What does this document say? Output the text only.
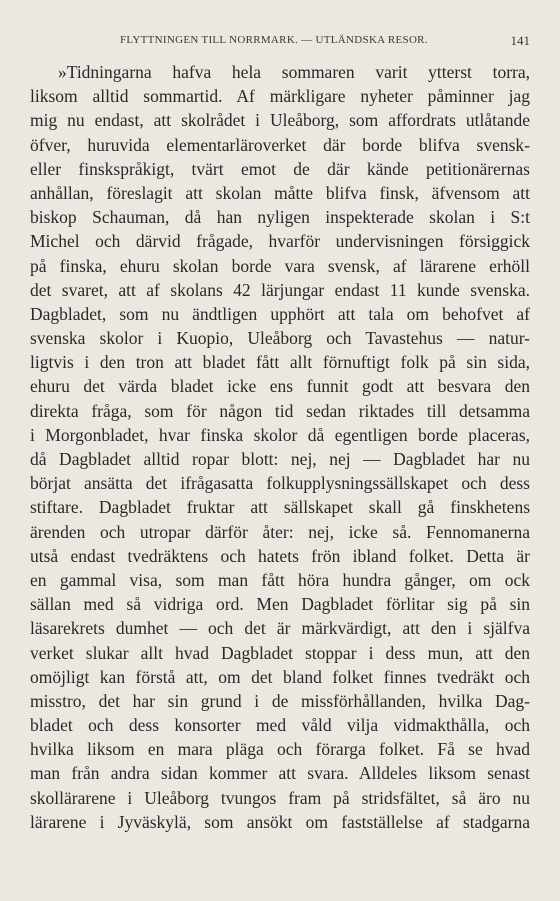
FLYTTNINGEN TILL NORRMARK. — UTLÄNDSKA RESOR.	141
»Tidningarna hafva hela sommaren varit ytterst torra,
liksom alltid sommartid. Af märkligare nyheter påminner jag
mig nu endast, att skolrådet i Uleåborg, som affordrats utlåtande
öfver, huruvida elementarläroverket där borde blifva svensk-
eller finskspråkigt, tvärt emot de där kände petitionärernas
anhållan, föreslagit att skolan måtte blifva finsk, äfvensom att
biskop Schauman, då han nyligen inspekterade skolan i S:t
Michel och därvid frågade, hvarför undervisningen försiggick
på finska, ehuru skolan borde vara svensk, af lärarene erhöll
det svaret, att af skolans 42 lärjungar endast 11 kunde svenska.
Dagbladet, som nu ändtligen upphört att tala om behofvet af
svenska skolor i Kuopio, Uleåborg och Tavastehus — natur-
ligtvis i den tron att bladet fått allt förnuftigt folk på sin sida,
ehuru det värda bladet icke ens funnit godt att besvara den
direkta fråga, som för någon tid sedan riktades till detsamma
i Morgonbladet, hvar finska skolor då egentligen borde placeras,
då Dagbladet alltid ropar blott: nej, nej — Dagbladet har nu
börjat ansätta det ifrågasatta folkupplysningssällskapet och dess
stiftare. Dagbladet fruktar att sällskapet skall gå finskhetens
ärenden och utropar därför åter: nej, icke så. Fennomanerna
utså endast tvedräktens och hatets frön ibland folket. Detta är
en gammal visa, som man fått höra hundra gånger, om ock
sällan med så vidriga ord. Men Dagbladet förlitar sig på sin
läsarekrets dumhet — och det är märkvärdigt, att den i själfva
verket slukar allt hvad Dagbladet stoppar i dess mun, att den
omöjligt kan förstå att, om det bland folket finnes tvedräkt och
misstro, det har sin grund i de missförhållanden, hvilka Dag-
bladet och dess konsorter med våld vilja vidmakthålla, och
hvilka liksom en mara pläga och förarga folket. Få se hvad
man från andra sidan kommer att svara. Alldeles liksom senast
skollärarene i Uleåborg tvungos fram på stridsfältet, så äro nu
lärarene i Jyväskylä, som ansökt om fastställelse af stadgarna
